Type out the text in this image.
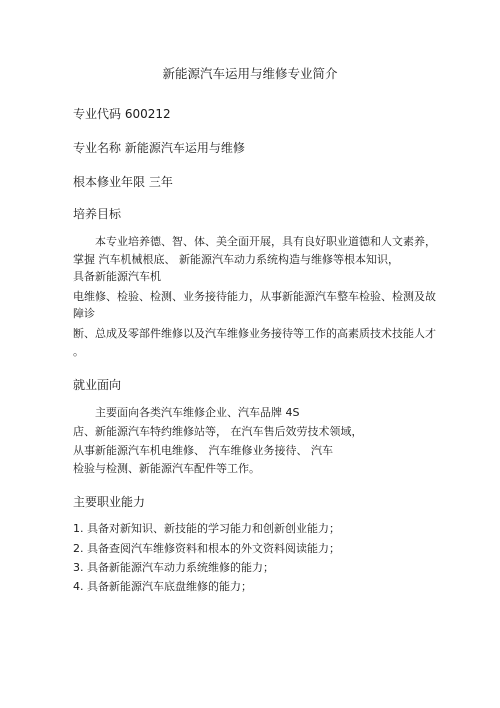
新能源汽车运用与维修专业简介
专业代码 600212
专业名称 新能源汽车运用与维修
根本修业年限 三年
培养目标
本专业培养德、智、体、美全面开展，具有良好职业道德和人文素养，
掌握 汽车机械根底、 新能源汽车动力系统构造与维修等根本知识，
具备新能源汽车机
电维修、检验、检测、业务接待能力，从事新能源汽车整车检验、检测及故
障诊
断、总成及零部件维修以及汽车维修业务接待等工作的高素质技术技能人才
。
就业面向
主要面向各类汽车维修企业、汽车品牌 4S
店、新能源汽车特约维修站等， 在汽车售后效劳技术领域，
从事新能源汽车机电维修、 汽车维修业务接待、 汽车
检验与检测、新能源汽车配件等工作。
主要职业能力
1. 具备对新知识、新技能的学习能力和创新创业能力；
2. 具备查阅汽车维修资料和根本的外文资料阅读能力；
3. 具备新能源汽车动力系统维修的能力；
4. 具备新能源汽车底盘维修的能力；
